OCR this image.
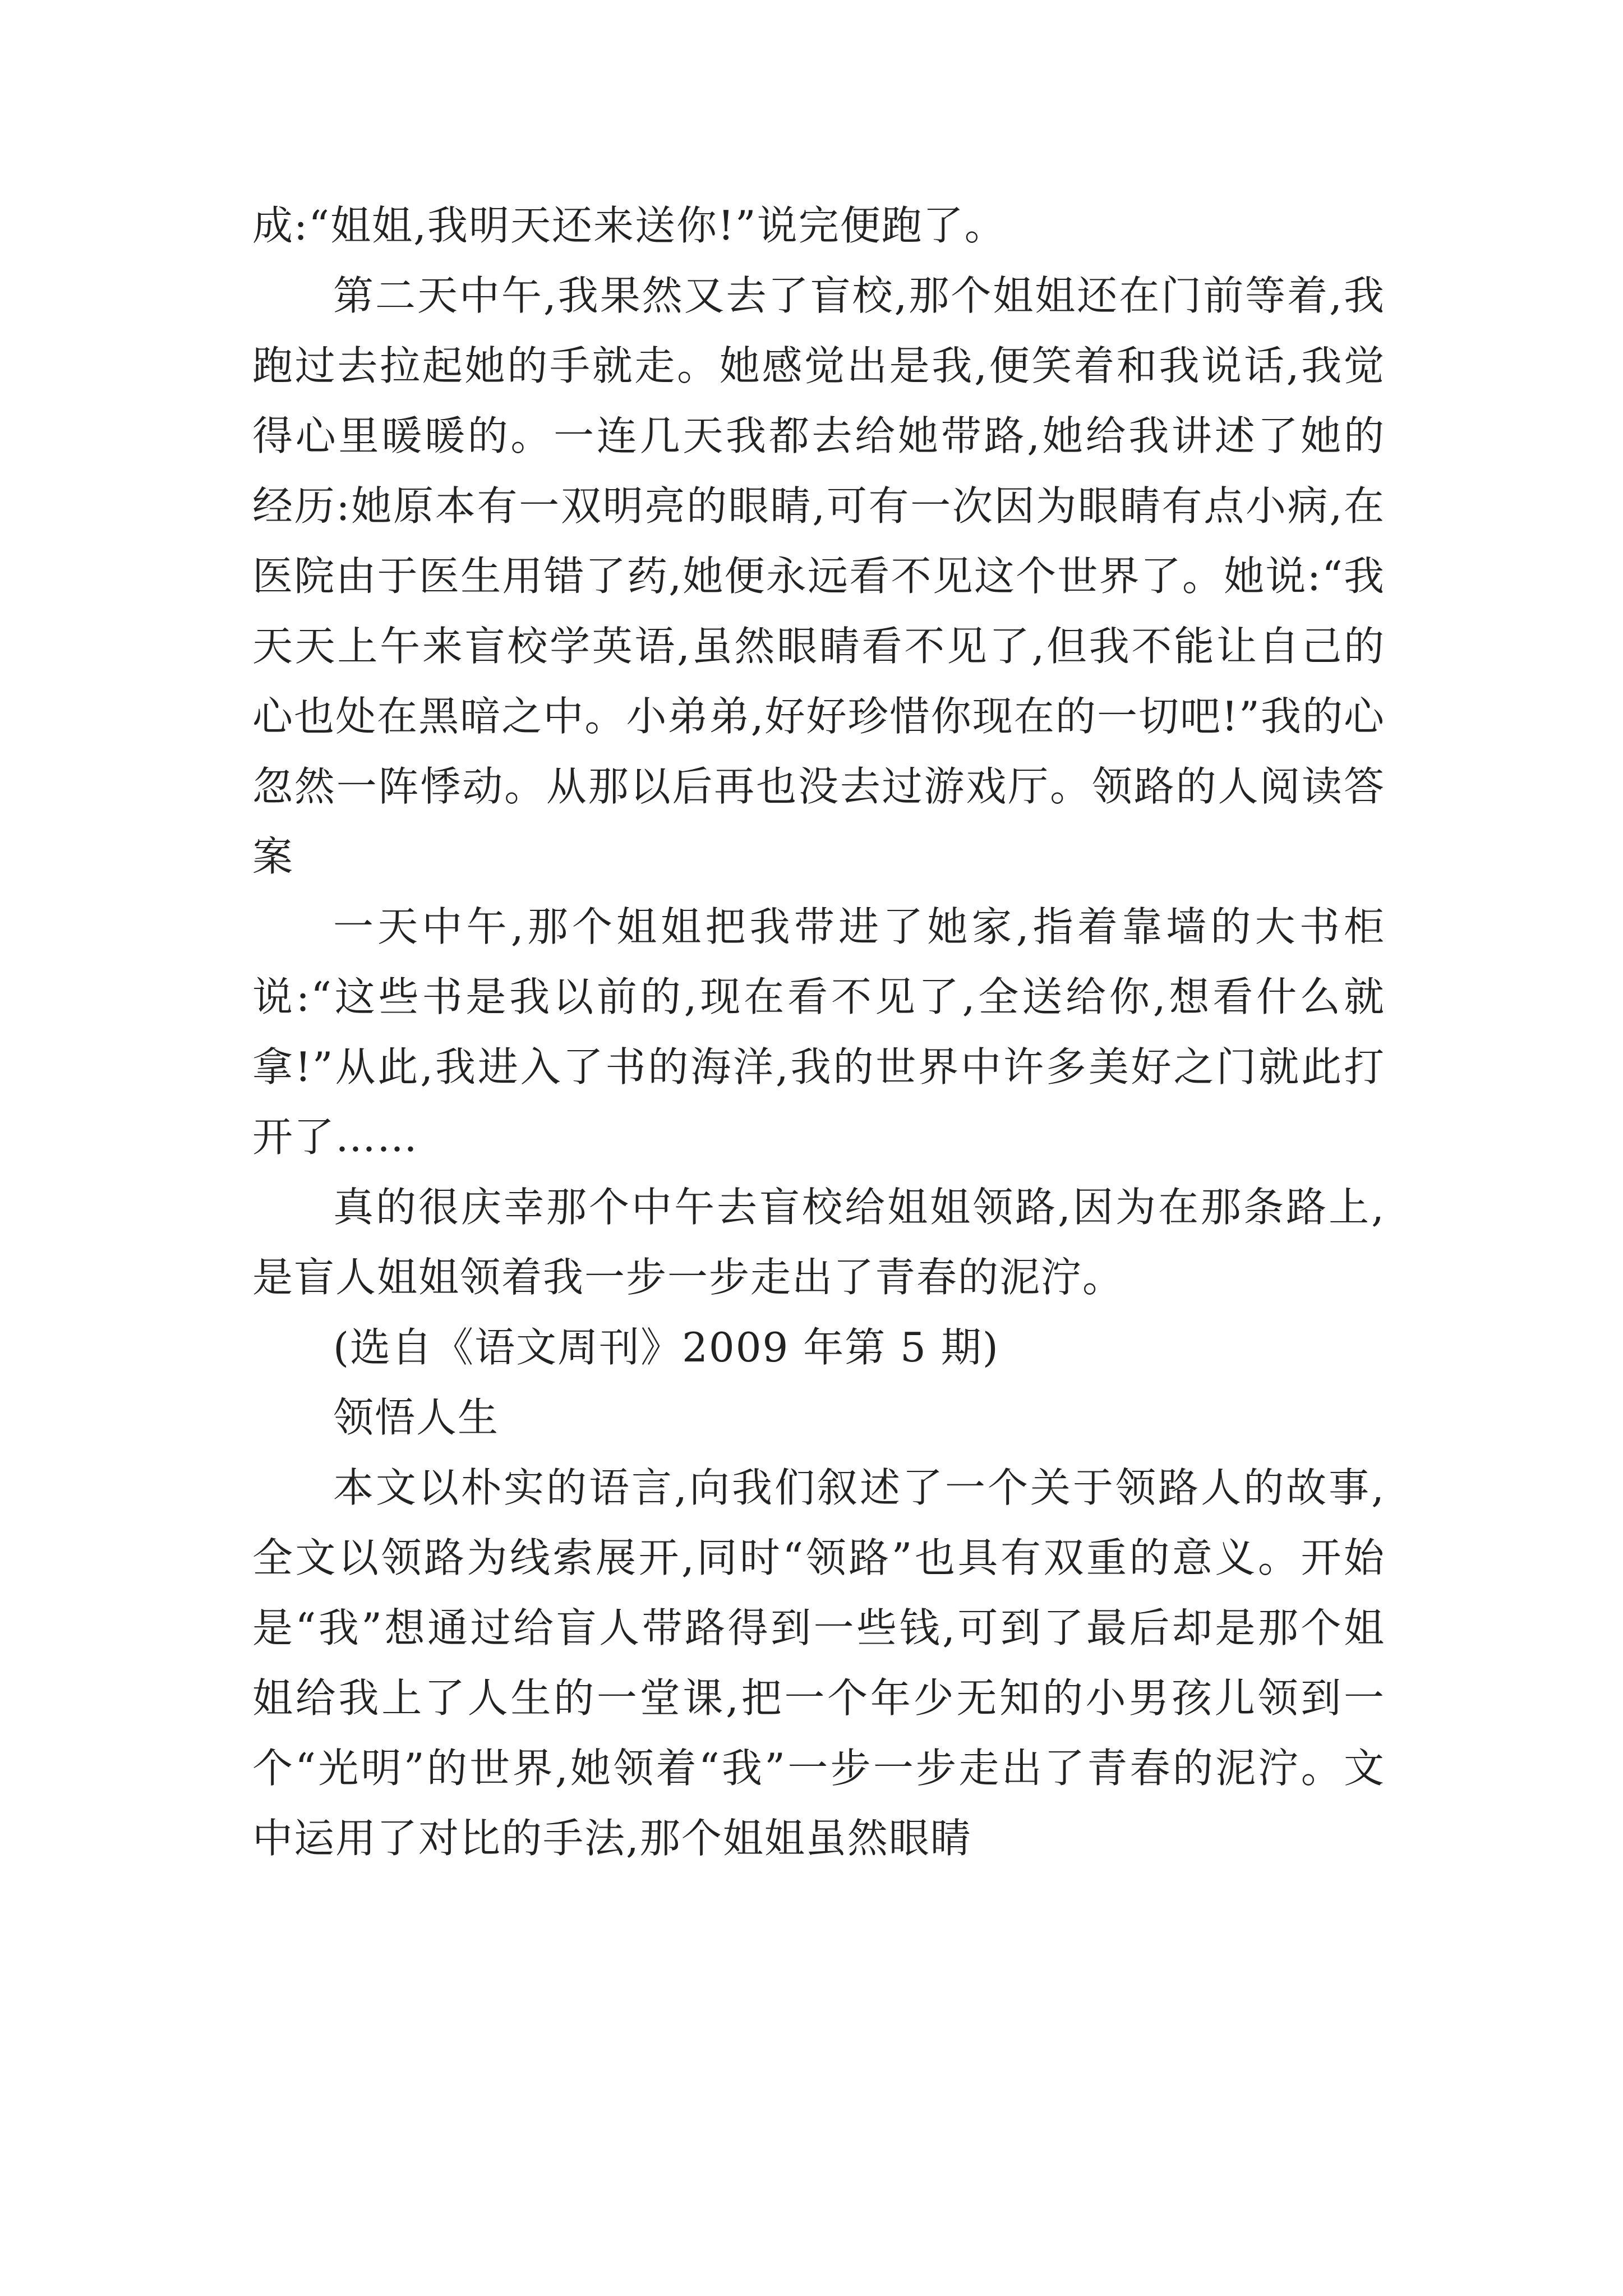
成:“姐姐,我明天还来送你!”说完便跑了。

第二天中午,我果然又去了盲校,那个姐姐还在门前等着,我跑过去拉起她的手就走。她感觉出是我,便笑着和我说话,我觉得心里暖暖的。一连几天我都去给她带路,她给我讲述了她的经历:她原本有一双明亮的眼睛,可有一次因为眼睛有点小病,在医院由于医生用错了药,她便永远看不见这个世界了。她说:“我天天上午来盲校学英语,虽然眼睛看不见了,但我不能让自己的心也处在黑暗之中。小弟弟,好好珍惜你现在的一切吧!”我的心忽然一阵悸动。从那以后再也没去过游戏厅。领路的人阅读答案

一天中午,那个姐姐把我带进了她家,指着靠墙的大书柜说:“这些书是我以前的,现在看不见了,全送给你,想看什么就拿!”从此,我进入了书的海洋,我的世界中许多美好之门就此打开了……

真的很庆幸那个中午去盲校给姐姐领路,因为在那条路上,是盲人姐姐领着我一步一步走出了青春的泥泞。

(选自《语文周刊》2009 年第 5 期)

领悟人生

本文以朴实的语言,向我们叙述了一个关于领路人的故事,全文以领路为线索展开,同时“领路”也具有双重的意义。开始是“我”想通过给盲人带路得到一些钱,可到了最后却是那个姐姐给我上了人生的一堂课,把一个年少无知的小男孩儿领到一个“光明”的世界,她领着“我”一步一步走出了青春的泥泞。文中运用了对比的手法,那个姐姐虽然眼睛
